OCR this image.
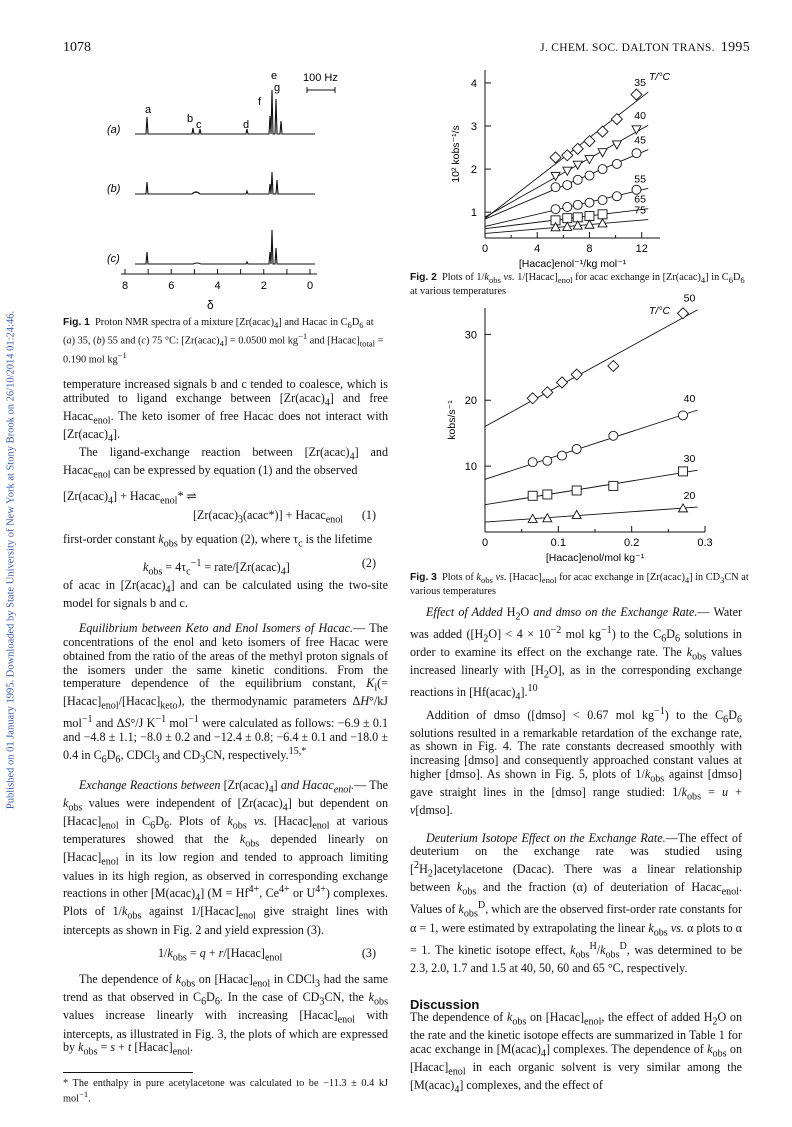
Published on 01 January 1995. Downloaded by State University of New York at Stony Brook on 26/10/2014 01:24:46.
1078	J. CHEM. SOC. DALTON TRANS. 1995
e
g
f
100 Hz
a
b c	d
(a)
(b)
(c)
8	6	4	2	0
δ

Fig. 1  Proton NMR spectra of a mixture $[Zr(acac)_4]$ and Hacac in $C_6D_6$ at (a) 35, (b) 55 and (c) 75 °C: $[Zr(acac)_4] = 0.0500$ mol $kg^{-1}$ and $[Hacac]_{total} = 0.190$ mol $kg^{-1}$

temperature increased signals b and c tended to coalesce, which is attributed to ligand exchange between $[Zr(acac)_4]$ and free Hacac$_{enol}$. The keto isomer of free Hacac does not interact with $[Zr(acac)_4]$.

The ligand-exchange reaction between $[Zr(acac)_4]$ and Hacac$_{enol}$ can be expressed by equation (1) and the observed

$[Zr(acac)_4]$ + Hacac$_{enol}$* ⇌

$[Zr(acac)_3(acac*)]$ + Hacac$_{enol}$ (1)

first-order constant $k_{obs}$ by equation (2), where $\tau_c$ is the lifetime

$k_{obs} = 4\tau_c^{-1}$ = rate/$[Zr(acac)_4]$	(2)

of acac in $[Zr(acac)_4]$ and can be calculated using the two-site model for signals b and c.

Equilibrium between Keto and Enol Isomers of Hacac.— The concentrations of the enol and keto isomers of free Hacac were obtained from the ratio of the areas of the methyl proton signals of the isomers under the same kinetic conditions. From the temperature dependence of the equilibrium constant, $K_i(=[Hacac]_{enol}/[Hacac]_{keto})$, the thermodynamic parameters ΔH°/kJ mol$^{-1}$ and ΔS°/J $K^{-1}$ mol$^{-1}$ were calculated as follows: −6.9 ± 0.1 and −4.8 ± 1.1; −8.0 ± 0.2 and −12.4 ± 0.8; −6.4 ± 0.1 and −18.0 ± 0.4 in $C_6D_6$, CDCl$_3$ and $CD_3CN$, respectively.$^{15,*}$

Exchange Reactions between $[Zr(acac)_4]$ and Hacac$_{enol}$.— The $k_{obs}$ values were independent of $[Zr(acac)_4]$ but dependent on $[Hacac]_{enol}$ in $C_6D_6$. Plots of $k_{obs}$ vs. $[Hacac]_{enol}$ at various temperatures showed that the $k_{obs}$ depended linearly on $[Hacac]_{enol}$ in its low region and tended to approach limiting values in its high region, as observed in corresponding exchange reactions in other $[M(acac)_4] (M = Hf^{4+}$, $Ce^{4+}$ or $U^{4+}$) complexes. Plots of $1/k_{obs}$ against $1/[Hacac]_{enol}$ give straight lines with intercepts as shown in Fig. 2 and yield expression (3).

$1/k_{obs} = q$ + $r/[Hacac]_{enol}$	(3)

The dependence of $k_{obs}$ on $[Hacac]_{enol}$ in CDCl$_3$ had the same trend as that observed in $C_6D_6$. In the case of $CD_3CN$, the $k_{obs}$ values increase linearly with increasing $[Hacac]_{enol}$ with intercepts, as illustrated in Fig. 3, the plots of which are expressed by $k_{obs} = s + t$ $[Hacac]_{enol}$.

* The enthalpy in pure acetylacetone was calculated to be −11.3 ± 0.4 kJ mol$^{-1}$.
0	4	8	12
1
2
3
4
[Hacac]enol⁻¹/kg mol⁻¹
10² kobs⁻¹/s
T/°C
35
40
45
55
65
75
Fig. 2  Plots of $1/k_{obs}$ vs. $1/[Hacac]_{enol}$ for acac exchange in $[Zr(acac)_4]$ in $C_6D_6$ at various temperatures
0	0.1	0.2	0.3
10
20
30
[Hacac]enol/mol kg⁻¹
kobs/s⁻¹
T/°C
50
40
30
20
Fig. 3  Plots of $k_{obs}$ vs. $[Hacac]_{enol}$ for acac exchange in $[Zr(acac)_4]$ in $CD_3CN$ at various temperatures

Effect of Added $H_2O$ and dmso on the Exchange Rate.— Water was added ($[H_2O] < 4 \times 10^{-2}$ mol $kg^{-1}$) to the $C_6D_6$ solutions in order to examine its effect on the exchange rate. The $k_{obs}$ values increased linearly with $[H_2O]$, as in the corresponding exchange reactions in $[Hf(acac)_4].^{10}$

Addition of dmso ([dmso] < 0.67 mol $kg^{-1}$) to the $C_6D_6$ solutions resulted in a remarkable retardation of the exchange rate, as shown in Fig. 4. The rate constants decreased smoothly with increasing [dmso] and consequently approached constant values at higher [dmso]. As shown in Fig. 5, plots of $1/k_{obs}$ against [dmso] gave straight lines in the [dmso] range studied: $1/k_{obs} = u$ + v[dmso].

Deuterium Isotope Effect on the Exchange Rate.—The effect of deuterium on the exchange rate was studied using $[^2H_2]acetylacetone$ (Dacac). There was a linear relationship between $k_{obs}$ and the fraction (α) of deuteriation of Hacac$_{enol}$. Values of $k_{obs}^D$, which are the observed first-order rate constants for α = 1, were estimated by extrapolating the linear $k_{obs}$ vs. α plots to α = 1. The kinetic isotope effect, $k_{obs}^H/k_{obs}^D$, was determined to be 2.3, 2.0, 1.7 and 1.5 at 40, 50, 60 and 65 °C, respectively.

Discussion

The dependence of $k_{obs}$ on $[Hacac]_{enol}$, the effect of added $H_2O$ on the rate and the kinetic isotope effects are summarized in Table 1 for acac exchange in $[M(acac)_4]$ complexes. The dependence of $k_{obs}$ on $[Hacac]_{enol}$ in each organic solvent is very similar among the $[M(acac)_4]$ complexes, and the effect of
